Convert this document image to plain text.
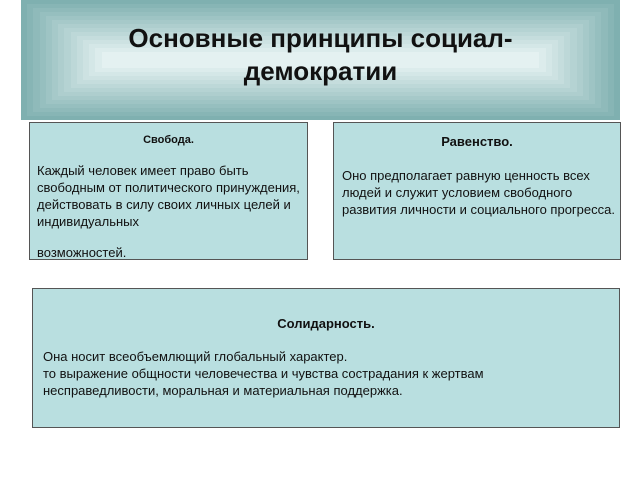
Основные принципы социал-
демократии
Свобода.
Каждый человек имеет право быть свободным от политического принуждения, действовать в силу своих личных целей и индивидуальных
возможностей.
Равенство.
Оно предполагает равную ценность всех людей и служит условием свободного развития личности и социального прогресса.
Солидарность.
Она носит всеобъемлющий глобальный характер.
то выражение общности человечества и чувства сострадания к жертвам
несправедливости, моральная и материальная поддержка.
